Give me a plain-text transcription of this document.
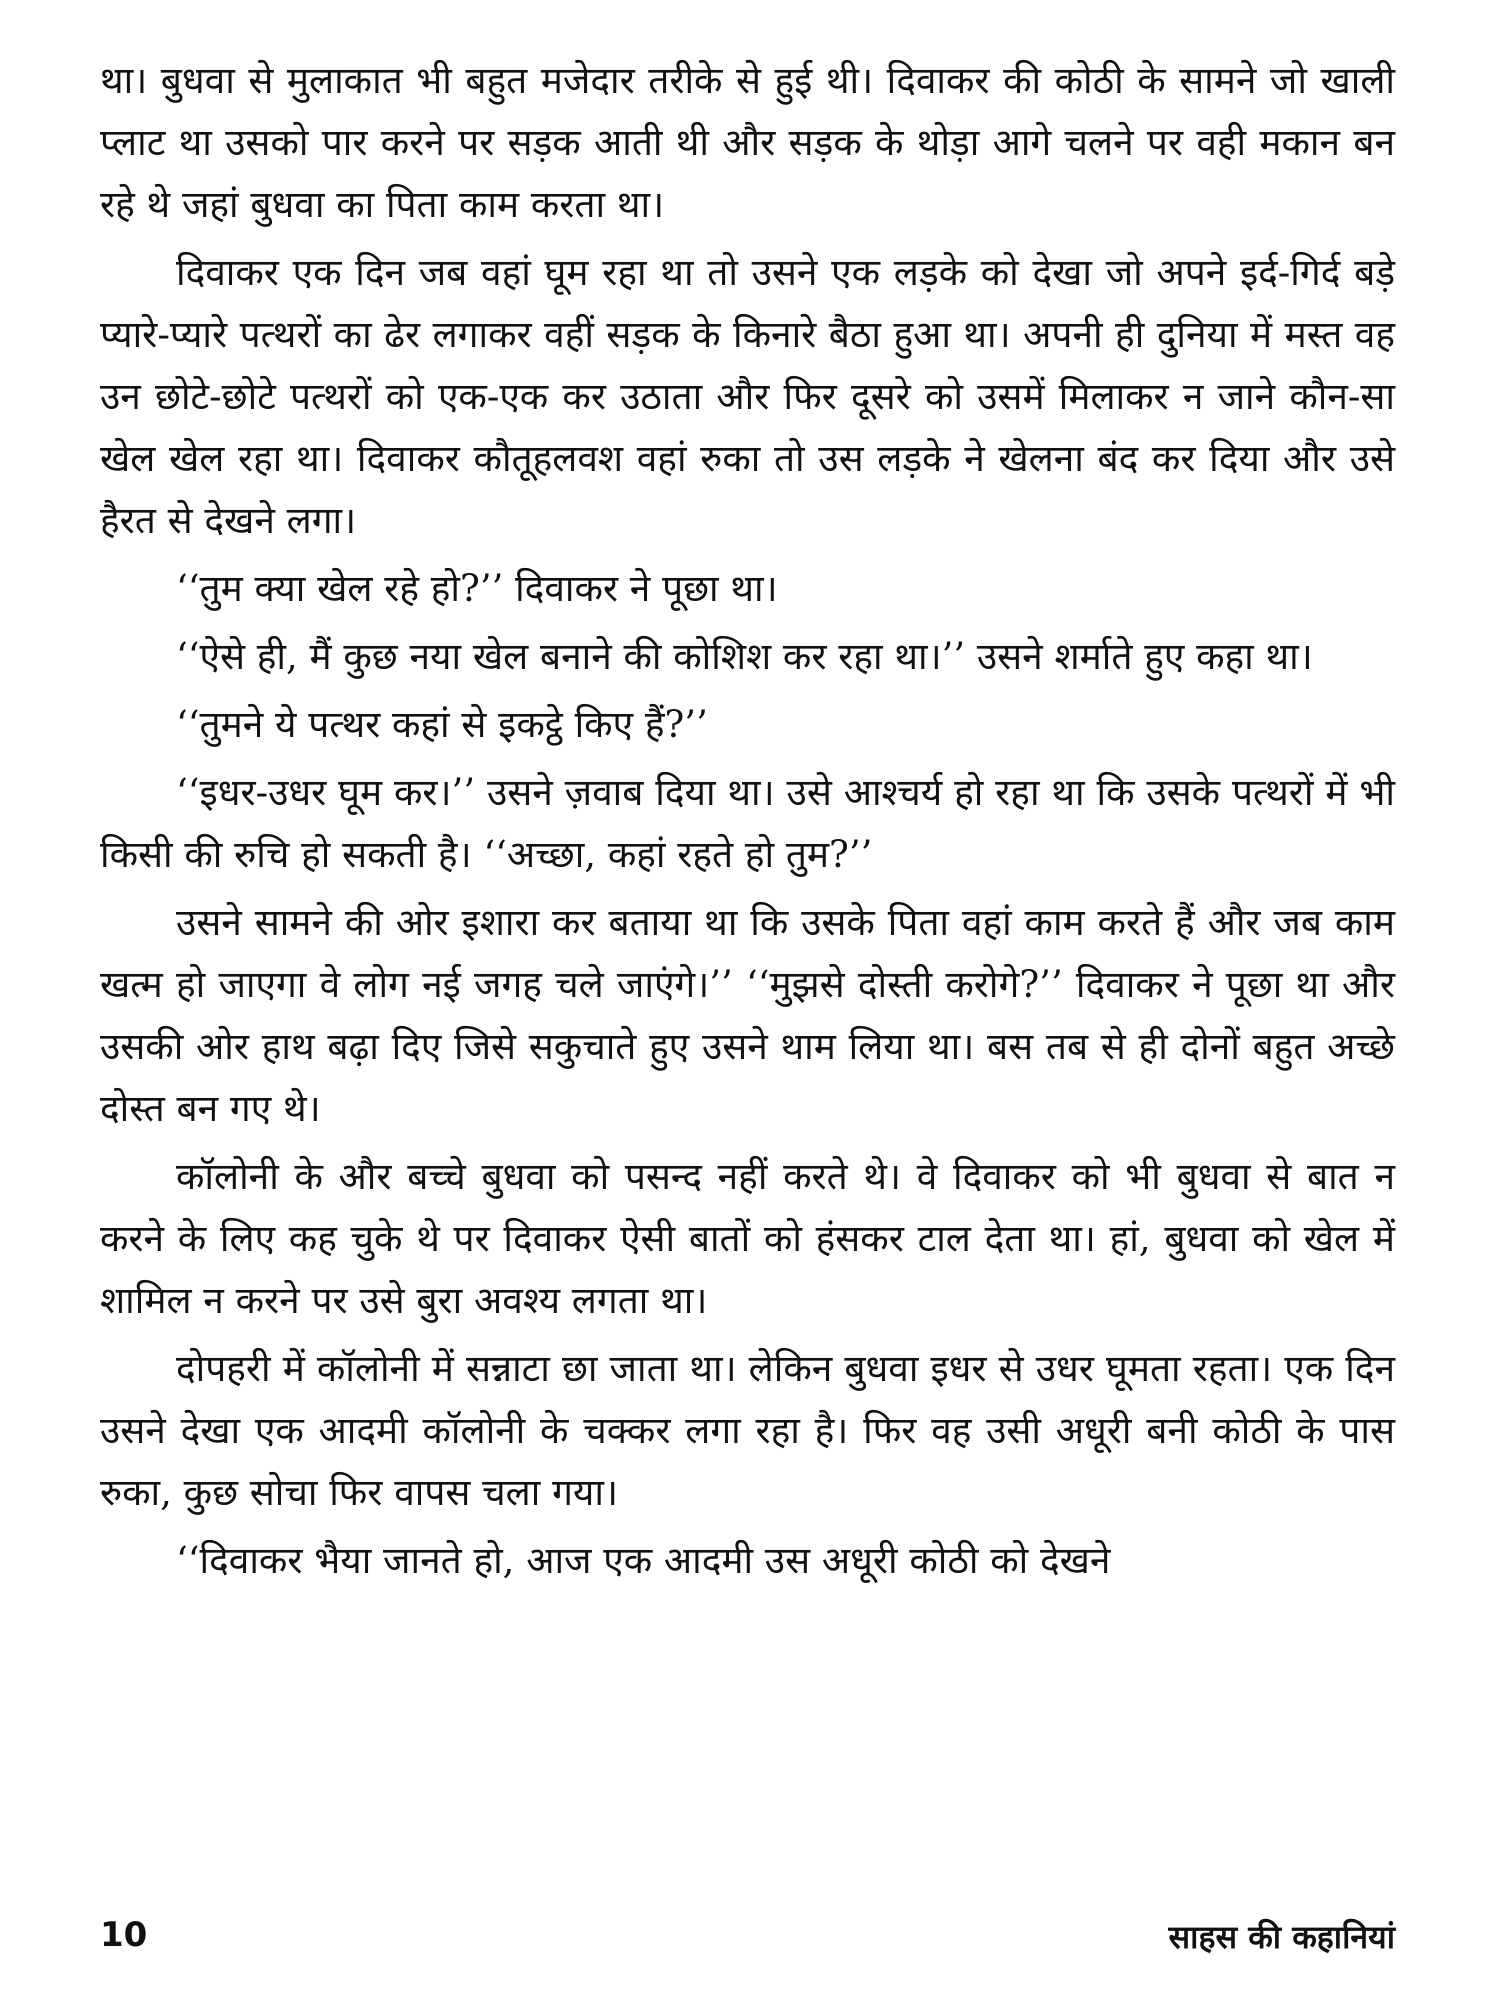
था। बुधवा से मुलाकात भी बहुत मजेदार तरीके से हुई थी। दिवाकर की कोठी के सामने जो खाली प्लाट था उसको पार करने पर सड़क आती थी और सड़क के थोड़ा आगे चलने पर वही मकान बन रहे थे जहां बुधवा का पिता काम करता था।

दिवाकर एक दिन जब वहां घूम रहा था तो उसने एक लड़के को देखा जो अपने इर्द-गिर्द बड़े प्यारे-प्यारे पत्थरों का ढेर लगाकर वहीं सड़क के किनारे बैठा हुआ था। अपनी ही दुनिया में मस्त वह उन छोटे-छोटे पत्थरों को एक-एक कर उठाता और फिर दूसरे को उसमें मिलाकर न जाने कौन-सा खेल खेल रहा था। दिवाकर कौतूहलवश वहां रुका तो उस लड़के ने खेलना बंद कर दिया और उसे हैरत से देखने लगा।

‘‘तुम क्या खेल रहे हो?’’ दिवाकर ने पूछा था।

‘‘ऐसे ही, मैं कुछ नया खेल बनाने की कोशिश कर रहा था।’’ उसने शर्माते हुए कहा था।

‘‘तुमने ये पत्थर कहां से इकट्ठे किए हैं?’’

‘‘इधर-उधर घूम कर।’’ उसने ज़वाब दिया था। उसे आश्चर्य हो रहा था कि उसके पत्थरों में भी किसी की रुचि हो सकती है। ‘‘अच्छा, कहां रहते हो तुम?’’

उसने सामने की ओर इशारा कर बताया था कि उसके पिता वहां काम करते हैं और जब काम खत्म हो जाएगा वे लोग नई जगह चले जाएंगे।’’ ‘‘मुझसे दोस्ती करोगे?’’ दिवाकर ने पूछा था और उसकी ओर हाथ बढ़ा दिए जिसे सकुचाते हुए उसने थाम लिया था। बस तब से ही दोनों बहुत अच्छे दोस्त बन गए थे।

कॉलोनी के और बच्चे बुधवा को पसन्द नहीं करते थे। वे दिवाकर को भी बुधवा से बात न करने के लिए कह चुके थे पर दिवाकर ऐसी बातों को हंसकर टाल देता था। हां, बुधवा को खेल में शामिल न करने पर उसे बुरा अवश्य लगता था।

दोपहरी में कॉलोनी में सन्नाटा छा जाता था। लेकिन बुधवा इधर से उधर घूमता रहता। एक दिन उसने देखा एक आदमी कॉलोनी के चक्कर लगा रहा है। फिर वह उसी अधूरी बनी कोठी के पास रुका, कुछ सोचा फिर वापस चला गया।

‘‘दिवाकर भैया जानते हो, आज एक आदमी उस अधूरी कोठी को देखने

10	साहस की कहानियां
